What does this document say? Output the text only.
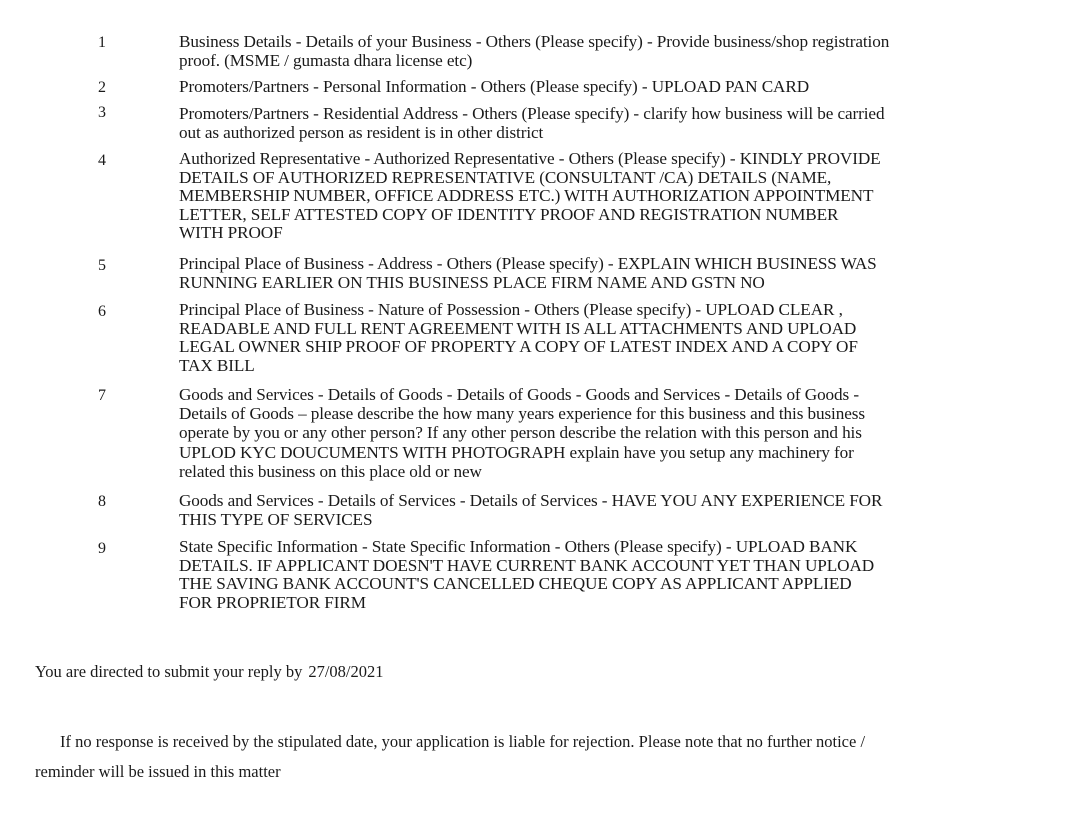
1	Business Details - Details of your Business - Others (Please specify) - Provide business/shop registration
proof. (MSME / gumasta dhara license etc)
2	Promoters/Partners - Personal Information - Others (Please specify) - UPLOAD PAN CARD
3	Promoters/Partners - Residential Address - Others (Please specify) - clarify how business will be carried
out as authorized person as resident is in other district
4	Authorized Representative - Authorized Representative - Others (Please specify) - KINDLY PROVIDE
DETAILS OF AUTHORIZED REPRESENTATIVE (CONSULTANT /CA) DETAILS (NAME,
MEMBERSHIP NUMBER, OFFICE ADDRESS ETC.) WITH AUTHORIZATION APPOINTMENT
LETTER, SELF ATTESTED COPY OF IDENTITY PROOF AND REGISTRATION NUMBER
WITH PROOF
5	Principal Place of Business - Address - Others (Please specify) - EXPLAIN WHICH BUSINESS WAS
RUNNING EARLIER ON THIS BUSINESS PLACE FIRM NAME AND GSTN NO
6	Principal Place of Business - Nature of Possession - Others (Please specify) - UPLOAD CLEAR ,
READABLE AND FULL RENT AGREEMENT WITH IS ALL ATTACHMENTS AND UPLOAD
LEGAL OWNER SHIP PROOF OF PROPERTY A COPY OF LATEST INDEX AND A COPY OF
TAX BILL
7	Goods and Services - Details of Goods - Details of Goods - Goods and Services - Details of Goods -
Details of Goods – please describe the how many years experience for this business and this business
operate by you or any other person? If any other person describe the relation with this person and his
UPLOD KYC DOUCUMENTS WITH PHOTOGRAPH explain have you setup any machinery for
related this business on this place old or new
8	Goods and Services - Details of Services - Details of Services - HAVE YOU ANY EXPERIENCE FOR
THIS TYPE OF SERVICES
9	State Specific Information - State Specific Information - Others (Please specify) - UPLOAD BANK
DETAILS. IF APPLICANT DOESN'T HAVE CURRENT BANK ACCOUNT YET THAN UPLOAD
THE SAVING BANK ACCOUNT'S CANCELLED CHEQUE COPY AS APPLICANT APPLIED
FOR PROPRIETOR FIRM
You are directed to submit your reply by 27/08/2021
If no response is received by the stipulated date, your application is liable for rejection. Please note that no further notice /
reminder will be issued in this matter
